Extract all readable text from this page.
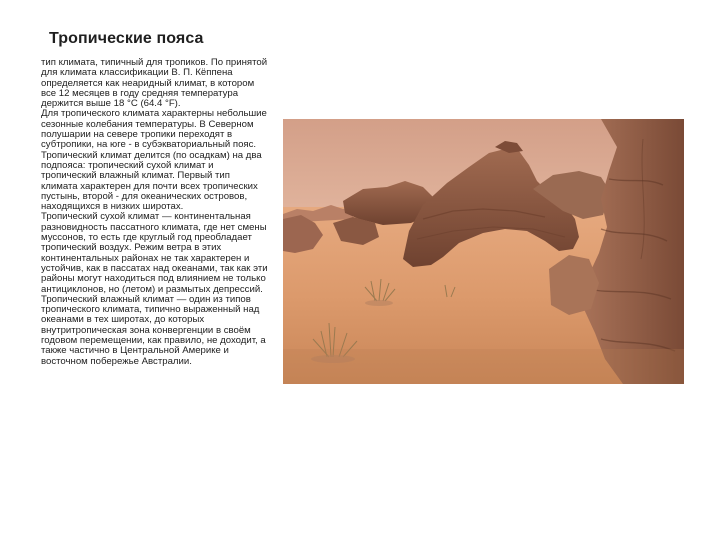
Тропические пояса

тип климата, типичный для тропиков. По принятой для климата классификации В. П. Кёппена определяется как неаридный климат, в котором все 12 месяцев в году средняя температура держится выше 18 °C (64.4 °F).

Для тропического климата характерны небольшие сезонные колебания температуры. В Северном полушарии на севере тропики переходят в субтропики, на юге - в субэкваториальный пояс.

Тропический климат делится (по осадкам) на два подпояса: тропический сухой климат и тропический влажный климат. Первый тип климата характерен для почти всех тропических пустынь, второй - для океанических островов, находящихся в низких широтах.

Тропический сухой климат — континентальная разновидность пассатного климата, где нет смены муссонов, то есть где круглый год преобладает тропический воздух. Режим ветра в этих континентальных районах не так характерен и устойчив, как в пассатах над океанами, так как эти районы могут находиться под влиянием не только антициклонов, но (летом) и размытых депрессий.

Тропический влажный климат — один из типов тропического климата, типично выраженный над океанами в тех широтах, до которых внутритропическая зона конвергенции в своём годовом перемещении, как правило, не доходит, а также частично в Центральной Америке и восточном побережье Австралии.
